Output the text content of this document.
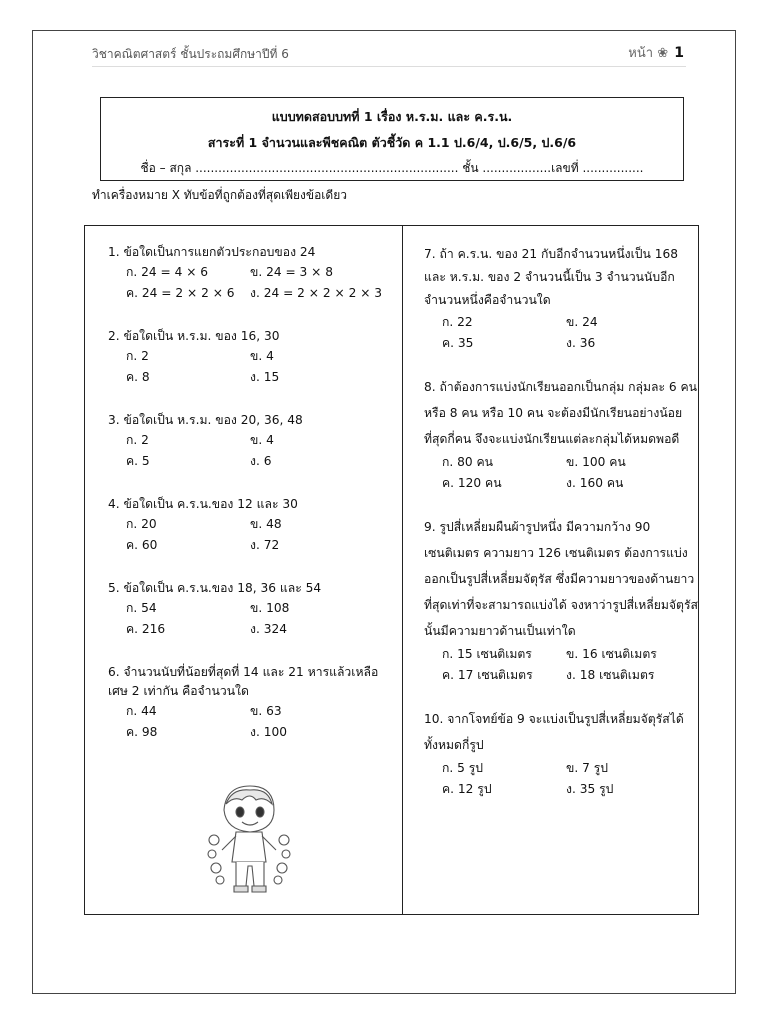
วิชาคณิตศาสตร์ ชั้นประถมศึกษาปีที่ 6	หน้า ❀ 1
แบบทดสอบบทที่ 1 เรื่อง ห.ร.ม. และ ค.ร.น.
สาระที่ 1 จำนวนและพีชคณิต ตัวชี้วัด ค 1.1 ป.6/4, ป.6/5, ป.6/6
ชื่อ – สกุล ..................................................................... ชั้น ..................เลขที่ ................
ทำเครื่องหมาย X ทับข้อที่ถูกต้องที่สุดเพียงข้อเดียว
1. ข้อใดเป็นการแยกตัวประกอบของ 24
ก. 24 = 4 × 6	ข. 24 = 3 × 8
ค. 24 = 2 × 2 × 6	ง. 24 = 2 × 2 × 2 × 3
2. ข้อใดเป็น ห.ร.ม. ของ 16, 30
ก. 2	ข. 4
ค. 8	ง. 15
3. ข้อใดเป็น ห.ร.ม. ของ 20, 36, 48
ก. 2	ข. 4
ค. 5	ง. 6
4. ข้อใดเป็น ค.ร.น.ของ 12 และ 30
ก. 20	ข. 48
ค. 60	ง. 72
5. ข้อใดเป็น ค.ร.น.ของ 18, 36 และ 54
ก. 54	ข. 108
ค. 216	ง. 324
6. จำนวนนับที่น้อยที่สุดที่ 14 และ 21 หารแล้วเหลือเศษ 2 เท่ากัน คือจำนวนใด
ก. 44	ข. 63
ค. 98	ง. 100
7. ถ้า ค.ร.น. ของ 21 กับอีกจำนวนหนึ่งเป็น 168 และ ห.ร.ม. ของ 2 จำนวนนี้เป็น 3 จำนวนนับอีกจำนวนหนึ่งคือจำนวนใด
ก. 22	ข. 24
ค. 35	ง. 36
8. ถ้าต้องการแบ่งนักเรียนออกเป็นกลุ่ม กลุ่มละ 6 คน หรือ 8 คน หรือ 10 คน จะต้องมีนักเรียนอย่างน้อยที่สุดกี่คน จึงจะแบ่งนักเรียนแต่ละกลุ่มได้หมดพอดี
ก. 80 คน	ข. 100 คน
ค. 120 คน	ง. 160 คน
9. รูปสี่เหลี่ยมผืนผ้ารูปหนึ่ง มีความกว้าง 90 เซนติเมตร ความยาว 126 เซนติเมตร ต้องการแบ่งออกเป็นรูปสี่เหลี่ยมจัตุรัส ซึ่งมีความยาวของด้านยาวที่สุดเท่าที่จะสามารถแบ่งได้ จงหาว่ารูปสี่เหลี่ยมจัตุรัสนั้นมีความยาวด้านเป็นเท่าใด
ก. 15 เซนติเมตร	ข. 16 เซนติเมตร
ค. 17 เซนติเมตร	ง. 18 เซนติเมตร
10. จากโจทย์ข้อ 9 จะแบ่งเป็นรูปสี่เหลี่ยมจัตุรัสได้ทั้งหมดกี่รูป
ก. 5 รูป	ข. 7 รูป
ค. 12 รูป	ง. 35 รูป
